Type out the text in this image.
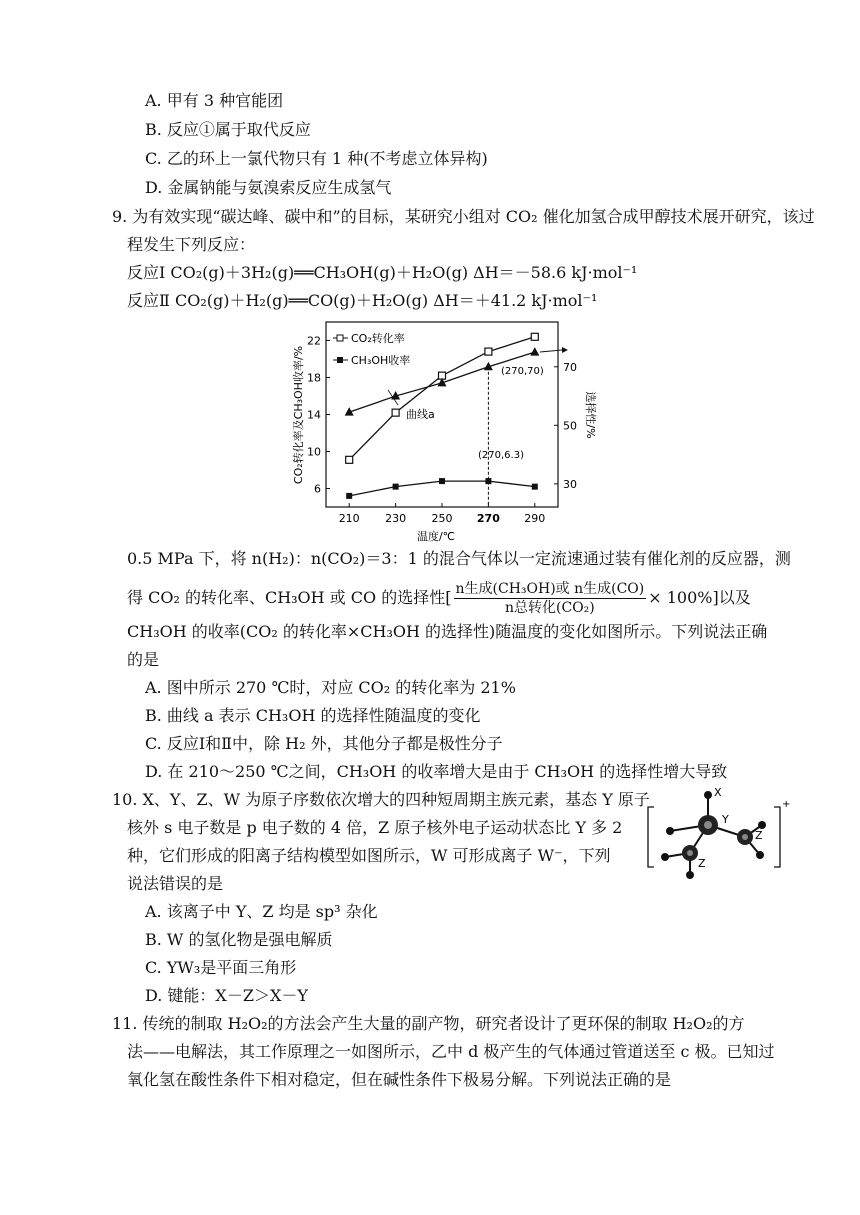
A. 甲有 3 种官能团
B. 反应①属于取代反应
C. 乙的环上一氯代物只有 1 种(不考虑立体异构)
D. 金属钠能与氨溴索反应生成氢气
9. 为有效实现“碳达峰、碳中和”的目标，某研究小组对 CO₂ 催化加氢合成甲醇技术展开研究，该过
程发生下列反应：
反应Ⅰ CO₂(g)＋3H₂(g)══CH₃OH(g)＋H₂O(g) ΔH＝－58.6 kJ·mol⁻¹
反应Ⅱ CO₂(g)＋H₂(g)══CO(g)＋H₂O(g) ΔH＝＋41.2 kJ·mol⁻¹
210 230 250 270 290
6
10
14
18
22
30
50
70
CO₂转化率
CH₃OH收率
曲线a
(270,70)
(270,6.3)
温度/℃
CO₂转化率及CH₃OH收率/%	选择性/%
0.5 MPa 下，将 n(H₂)：n(CO₂)＝3：1 的混合气体以一定流速通过装有催化剂的反应器，测
得 CO₂ 的转化率、CH₃OH 或 CO 的选择性[ $\frac{\text{n生成(CH₃OH)或 n生成(CO)}}{\text{n总转化(CO₂)}} \times 100\%$]以及
CH₃OH 的收率(CO₂ 的转化率×CH₃OH 的选择性)随温度的变化如图所示。下列说法正确
的是
A. 图中所示 270 ℃时，对应 CO₂ 的转化率为 21%
B. 曲线 a 表示 CH₃OH 的选择性随温度的变化
C. 反应Ⅰ和Ⅱ中，除 H₂ 外，其他分子都是极性分子
D. 在 210～250 ℃之间，CH₃OH 的收率增大是由于 CH₃OH 的选择性增大导致
10. X、Y、Z、W 为原子序数依次增大的四种短周期主族元素，基态 Y 原子
核外 s 电子数是 p 电子数的 4 倍，Z 原子核外电子运动状态比 Y 多 2
种，它们形成的阳离子结构模型如图所示，W 可形成离子 W⁻，下列
说法错误的是
A. 该离子中 Y、Z 均是 sp³ 杂化
B. W 的氢化物是强电解质
C. YW₃是平面三角形
D. 键能：X－Z＞X－Y
+
X
Y
Z
Z
11. 传统的制取 H₂O₂的方法会产生大量的副产物，研究者设计了更环保的制取 H₂O₂的方
法——电解法，其工作原理之一如图所示，乙中 d 极产生的气体通过管道送至 c 极。已知过
氧化氢在酸性条件下相对稳定，但在碱性条件下极易分解。下列说法正确的是
